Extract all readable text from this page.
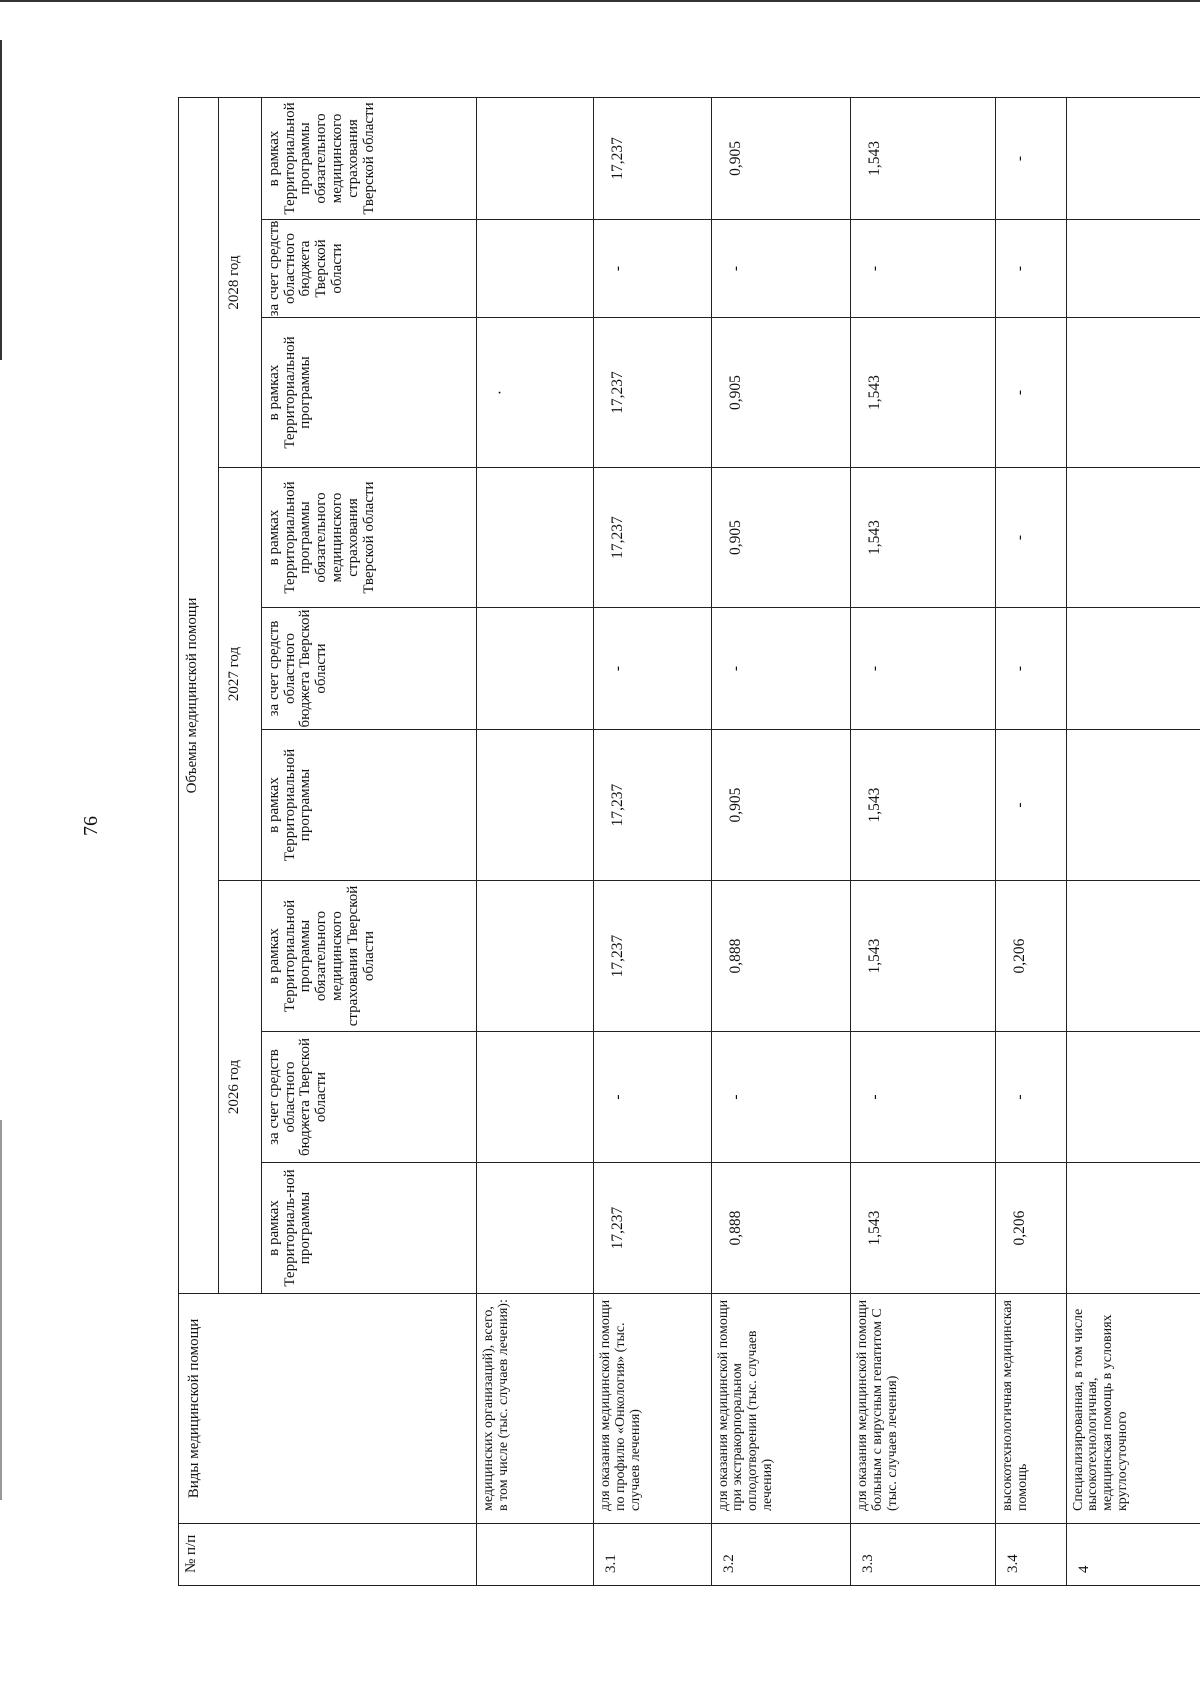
76
№ п/п	Виды медицинской помощи	Объемы медицинской помощи								
		2026 год			2027 год			2028 год		
		в рамках Территориаль-ной программы	за счет средств областного бюджета Тверской области	в рамках Территориальной программы обязательного медицинского страхования Тверской области	в рамках Территориальной программы	за счет средств областного бюджета Тверской области	в рамках Территориальной программы обязательного медицинского страхования Тверской области	в рамках Территориальной программы	за счет средств областного бюджета Тверской области	в рамках Территориальной программы обязательного медицинского страхования Тверской области
	медицинских организаций), всего, в том числе (тыс. случаев лечения):							·		
3.1	для оказания медицинской помощи по профилю «Онкология» (тыс. случаев лечения)	17,237	-	17,237	17,237	-	17,237	17,237	-	17,237
3.2	для оказания медицинской помощи при экстракорпоральном оплодотворении (тыс. случаев лечения)	0,888	-	0,888	0,905	-	0,905	0,905	-	0,905
3.3	для оказания медицинской помощи больным с вирусным гепатитом С (тыс. случаев лечения)	1,543	-	1,543	1,543	-	1,543	1,543	-	1,543
3.4	высокотехнологичная медицинская помощь	0,206	-	0,206	-	-	-	-	-	-
4	Специализированная, в том числе высокотехнологичная, медицинская помощь в условиях круглосуточного									
